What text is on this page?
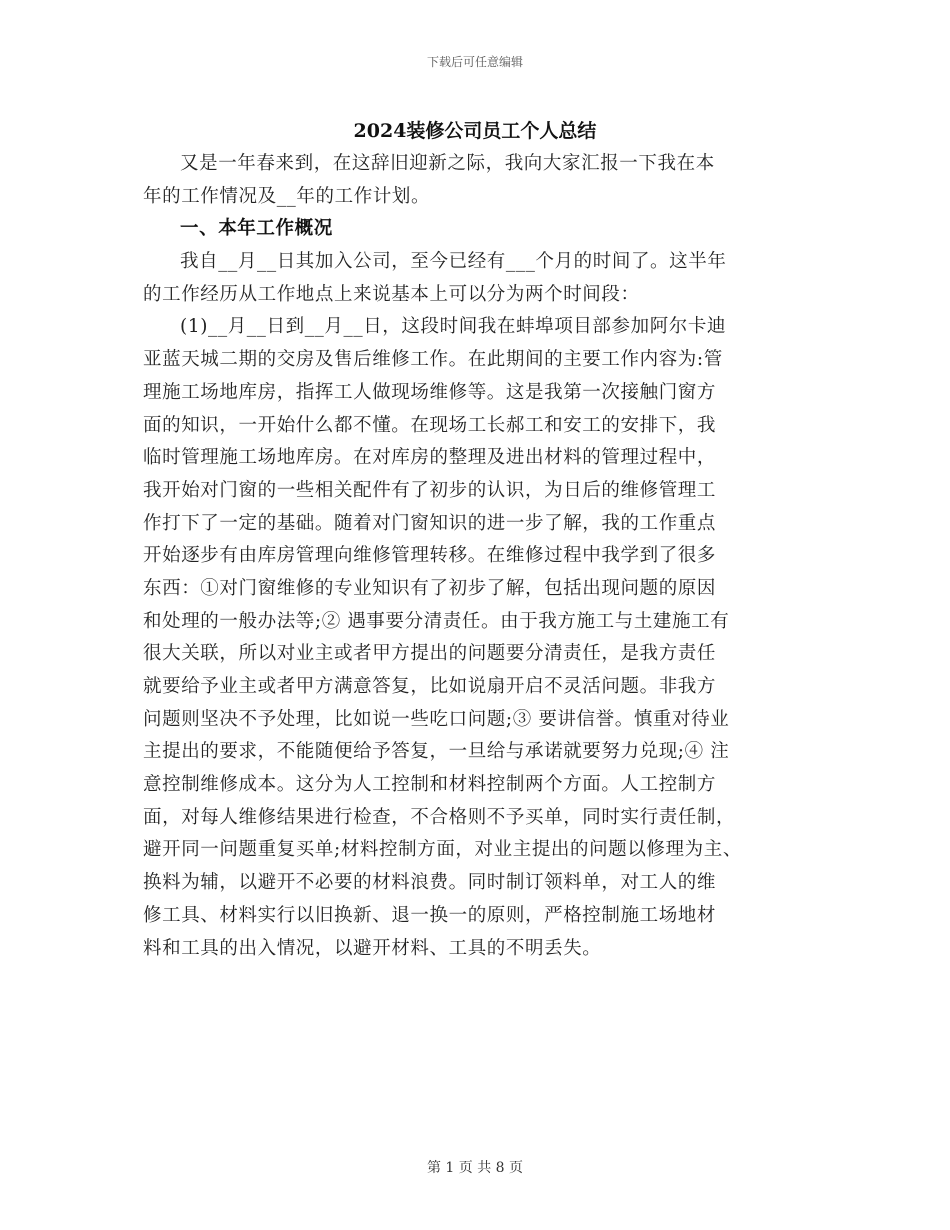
下载后可任意编辑
2024装修公司员工个人总结
又是一年春来到，在这辞旧迎新之际，我向大家汇报一下我在本
年的工作情况及__年的工作计划。
一、本年工作概况
我自__月__日其加入公司，至今已经有___个月的时间了。这半年
的工作经历从工作地点上来说基本上可以分为两个时间段：
(1)__月__日到__月__日，这段时间我在蚌埠项目部参加阿尔卡迪
亚蓝天城二期的交房及售后维修工作。在此期间的主要工作内容为:管
理施工场地库房，指挥工人做现场维修等。这是我第一次接触门窗方
面的知识，一开始什么都不懂。在现场工长郝工和安工的安排下，我
临时管理施工场地库房。在对库房的整理及进出材料的管理过程中，
我开始对门窗的一些相关配件有了初步的认识，为日后的维修管理工
作打下了一定的基础。随着对门窗知识的进一步了解，我的工作重点
开始逐步有由库房管理向维修管理转移。在维修过程中我学到了很多
东西：①对门窗维修的专业知识有了初步了解，包括出现问题的原因
和处理的一般办法等;② 遇事要分清责任。由于我方施工与土建施工有
很大关联，所以对业主或者甲方提出的问题要分清责任，是我方责任
就要给予业主或者甲方满意答复，比如说扇开启不灵活问题。非我方
问题则坚决不予处理，比如说一些吃口问题;③ 要讲信誉。慎重对待业
主提出的要求，不能随便给予答复，一旦给与承诺就要努力兑现;④ 注
意控制维修成本。这分为人工控制和材料控制两个方面。人工控制方
面，对每人维修结果进行检查，不合格则不予买单，同时实行责任制，
避开同一问题重复买单;材料控制方面，对业主提出的问题以修理为主、
换料为辅，以避开不必要的材料浪费。同时制订领料单，对工人的维
修工具、材料实行以旧换新、退一换一的原则，严格控制施工场地材
料和工具的出入情况，以避开材料、工具的不明丢失。
第 1 页 共 8 页
